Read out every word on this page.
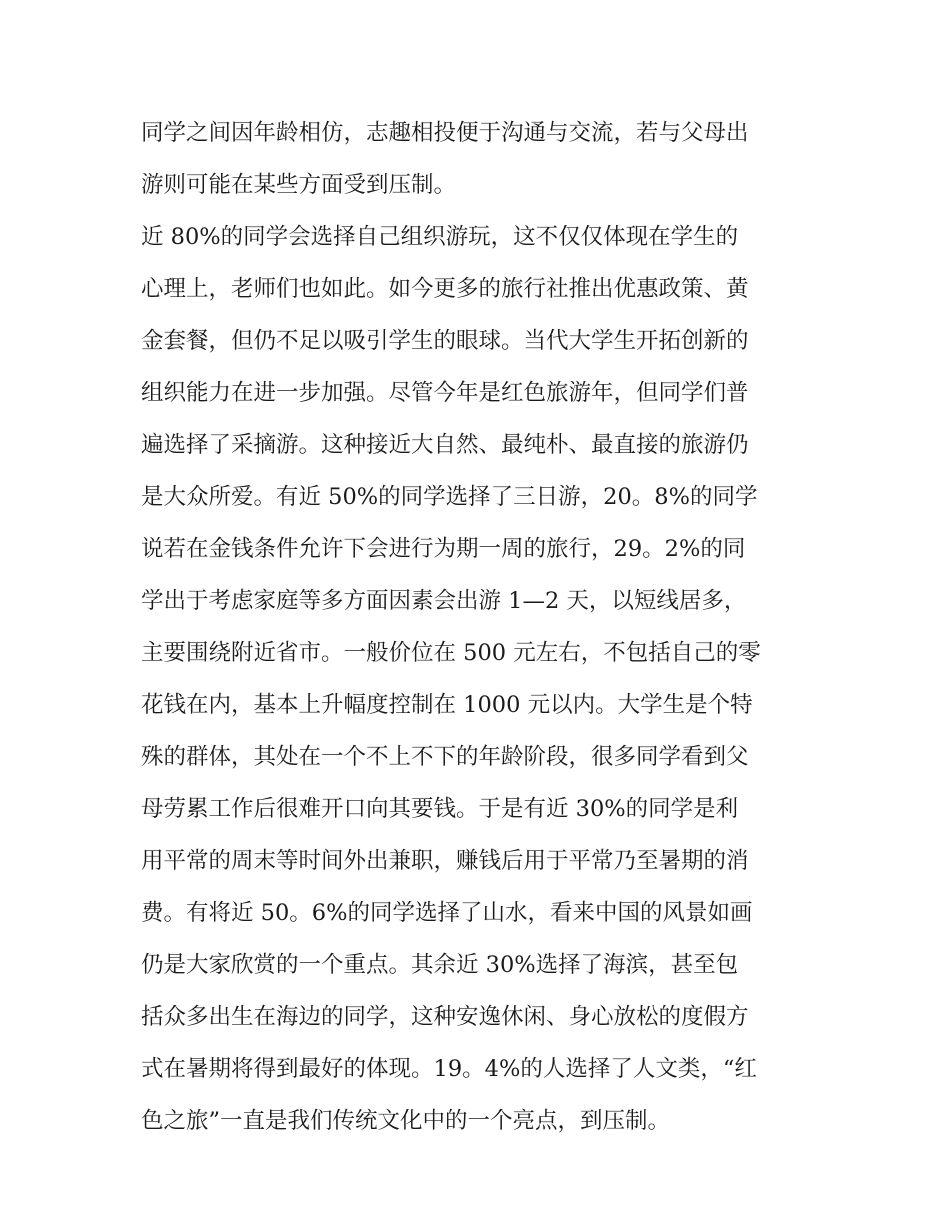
同学之间因年龄相仿，志趣相投便于沟通与交流，若与父母出
游则可能在某些方面受到压制。
近 80%的同学会选择自己组织游玩，这不仅仅体现在学生的
心理上，老师们也如此。如今更多的旅行社推出优惠政策、黄
金套餐，但仍不足以吸引学生的眼球。当代大学生开拓创新的
组织能力在进一步加强。尽管今年是红色旅游年，但同学们普
遍选择了采摘游。这种接近大自然、最纯朴、最直接的旅游仍
是大众所爱。有近 50%的同学选择了三日游，20。8%的同学
说若在金钱条件允许下会进行为期一周的旅行，29。2%的同
学出于考虑家庭等多方面因素会出游 1—2 天，以短线居多，
主要围绕附近省市。一般价位在 500 元左右，不包括自己的零
花钱在内，基本上升幅度控制在 1000 元以内。大学生是个特
殊的群体，其处在一个不上不下的年龄阶段，很多同学看到父
母劳累工作后很难开口向其要钱。于是有近 30%的同学是利
用平常的周末等时间外出兼职，赚钱后用于平常乃至暑期的消
费。有将近 50。6%的同学选择了山水，看来中国的风景如画
仍是大家欣赏的一个重点。其余近 30%选择了海滨，甚至包
括众多出生在海边的同学，这种安逸休闲、身心放松的度假方
式在暑期将得到最好的体现。19。4%的人选择了人文类，“红
色之旅”一直是我们传统文化中的一个亮点，到压制。
